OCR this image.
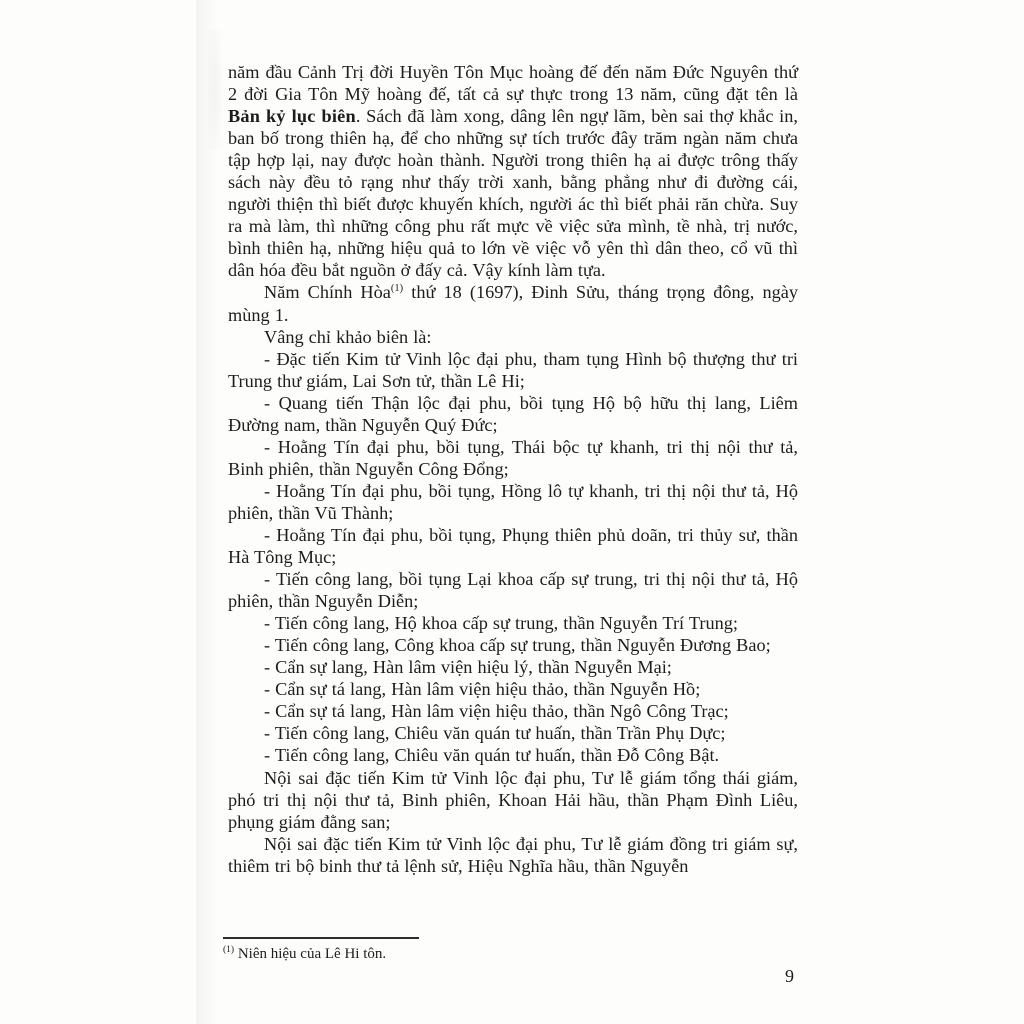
năm đầu Cảnh Trị đời Huyền Tôn Mục hoàng đế đến năm Đức Nguyên thứ 2 đời Gia Tôn Mỹ hoàng đế, tất cả sự thực trong 13 năm, cũng đặt tên là Bản kỷ lục biên. Sách đã làm xong, dâng lên ngự lãm, bèn sai thợ khắc in, ban bố trong thiên hạ, để cho những sự tích trước đây trăm ngàn năm chưa tập hợp lại, nay được hoàn thành. Người trong thiên hạ ai được trông thấy sách này đều tỏ rạng như thấy trời xanh, bằng phẳng như đi đường cái, người thiện thì biết được khuyến khích, người ác thì biết phải răn chừa. Suy ra mà làm, thì những công phu rất mực về việc sửa mình, tề nhà, trị nước, bình thiên hạ, những hiệu quả to lớn về việc vỗ yên thì dân theo, cổ vũ thì dân hóa đều bắt nguồn ở đấy cả. Vậy kính làm tựa.

Năm Chính Hòa$^{(1)}$ thứ 18 (1697), Đinh Sửu, tháng trọng đông, ngày mùng 1.

Vâng chỉ khảo biên là:

- Đặc tiến Kim tử Vinh lộc đại phu, tham tụng Hình bộ thượng thư tri Trung thư giám, Lai Sơn tử, thần Lê Hi;

- Quang tiến Thận lộc đại phu, bồi tụng Hộ bộ hữu thị lang, Liêm Đường nam, thần Nguyễn Quý Đức;

- Hoằng Tín đại phu, bồi tụng, Thái bộc tự khanh, tri thị nội thư tả, Binh phiên, thần Nguyễn Công Đổng;

- Hoằng Tín đại phu, bồi tụng, Hồng lô tự khanh, tri thị nội thư tả, Hộ phiên, thần Vũ Thành;

- Hoằng Tín đại phu, bồi tụng, Phụng thiên phủ doãn, tri thủy sư, thần Hà Tông Mục;

- Tiến công lang, bồi tụng Lại khoa cấp sự trung, tri thị nội thư tả, Hộ phiên, thần Nguyễn Diễn;

- Tiến công lang, Hộ khoa cấp sự trung, thần Nguyễn Trí Trung;

- Tiến công lang, Công khoa cấp sự trung, thần Nguyễn Đương Bao;

- Cẩn sự lang, Hàn lâm viện hiệu lý, thần Nguyễn Mại;

- Cẩn sự tá lang, Hàn lâm viện hiệu thảo, thần Nguyễn Hồ;

- Cẩn sự tá lang, Hàn lâm viện hiệu thảo, thần Ngô Công Trạc;

- Tiến công lang, Chiêu văn quán tư huấn, thần Trần Phụ Dực;

- Tiến công lang, Chiêu văn quán tư huấn, thần Đỗ Công Bật.

Nội sai đặc tiến Kim tử Vinh lộc đại phu, Tư lễ giám tổng thái giám, phó tri thị nội thư tả, Binh phiên, Khoan Hải hầu, thần Phạm Đình Liêu, phụng giám đằng san;

Nội sai đặc tiến Kim tử Vinh lộc đại phu, Tư lễ giám đồng tri giám sự, thiêm tri bộ binh thư tả lệnh sử, Hiệu Nghĩa hầu, thần Nguyễn

$^{(1)}$ Niên hiệu của Lê Hi tôn.

9
